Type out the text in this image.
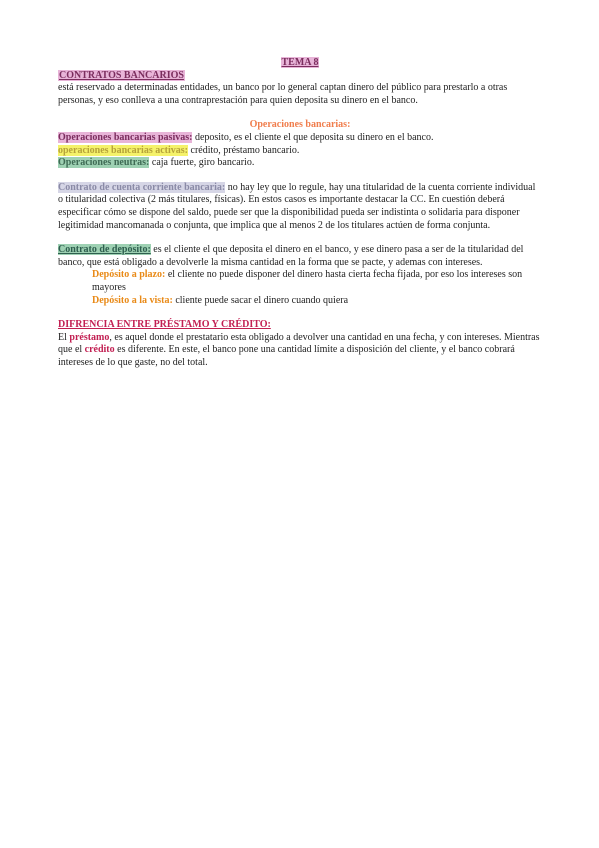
TEMA 8

CONTRATOS BANCARIOS

está reservado a determinadas entidades, un banco por lo general captan dinero del público para prestarlo a otras personas, y eso conlleva a una contraprestación para quien deposita su dinero en el banco.

Operaciones bancarias:

Operaciones bancarias pasivas: deposito, es el cliente el que deposita su dinero en el banco.

operaciones bancarias activas: crédito, préstamo bancario.

Operaciones neutras: caja fuerte, giro bancario.

Contrato de cuenta corriente bancaria: no hay ley que lo regule, hay una titularidad de la cuenta corriente individual o titularidad colectiva (2 más titulares, físicas). En estos casos es importante destacar la CC. En cuestión deberá especificar cómo se dispone del saldo, puede ser que la disponibilidad pueda ser indistinta o solidaria para disponer legitimidad mancomanada o conjunta, que implica que al menos 2 de los titulares actúen de forma conjunta.

Contrato de depósito: es el cliente el que deposita el dinero en el banco, y ese dinero pasa a ser de la titularidad del banco, que está obligado a devolverle la misma cantidad en la forma que se pacte, y ademas con intereses.

Depósito a plazo: el cliente no puede disponer del dinero hasta cierta fecha fijada, por eso los intereses son mayores

Depósito a la vista: cliente puede sacar el dinero cuando quiera

DIFRENCIA ENTRE PRÉSTAMO Y CRÉDITO:

El préstamo, es aquel donde el prestatario esta obligado a devolver una cantidad en una fecha, y con intereses. Mientras que el crédito es diferente. En este, el banco pone una cantidad límite a disposición del cliente, y el banco cobrará intereses de lo que gaste, no del total.
